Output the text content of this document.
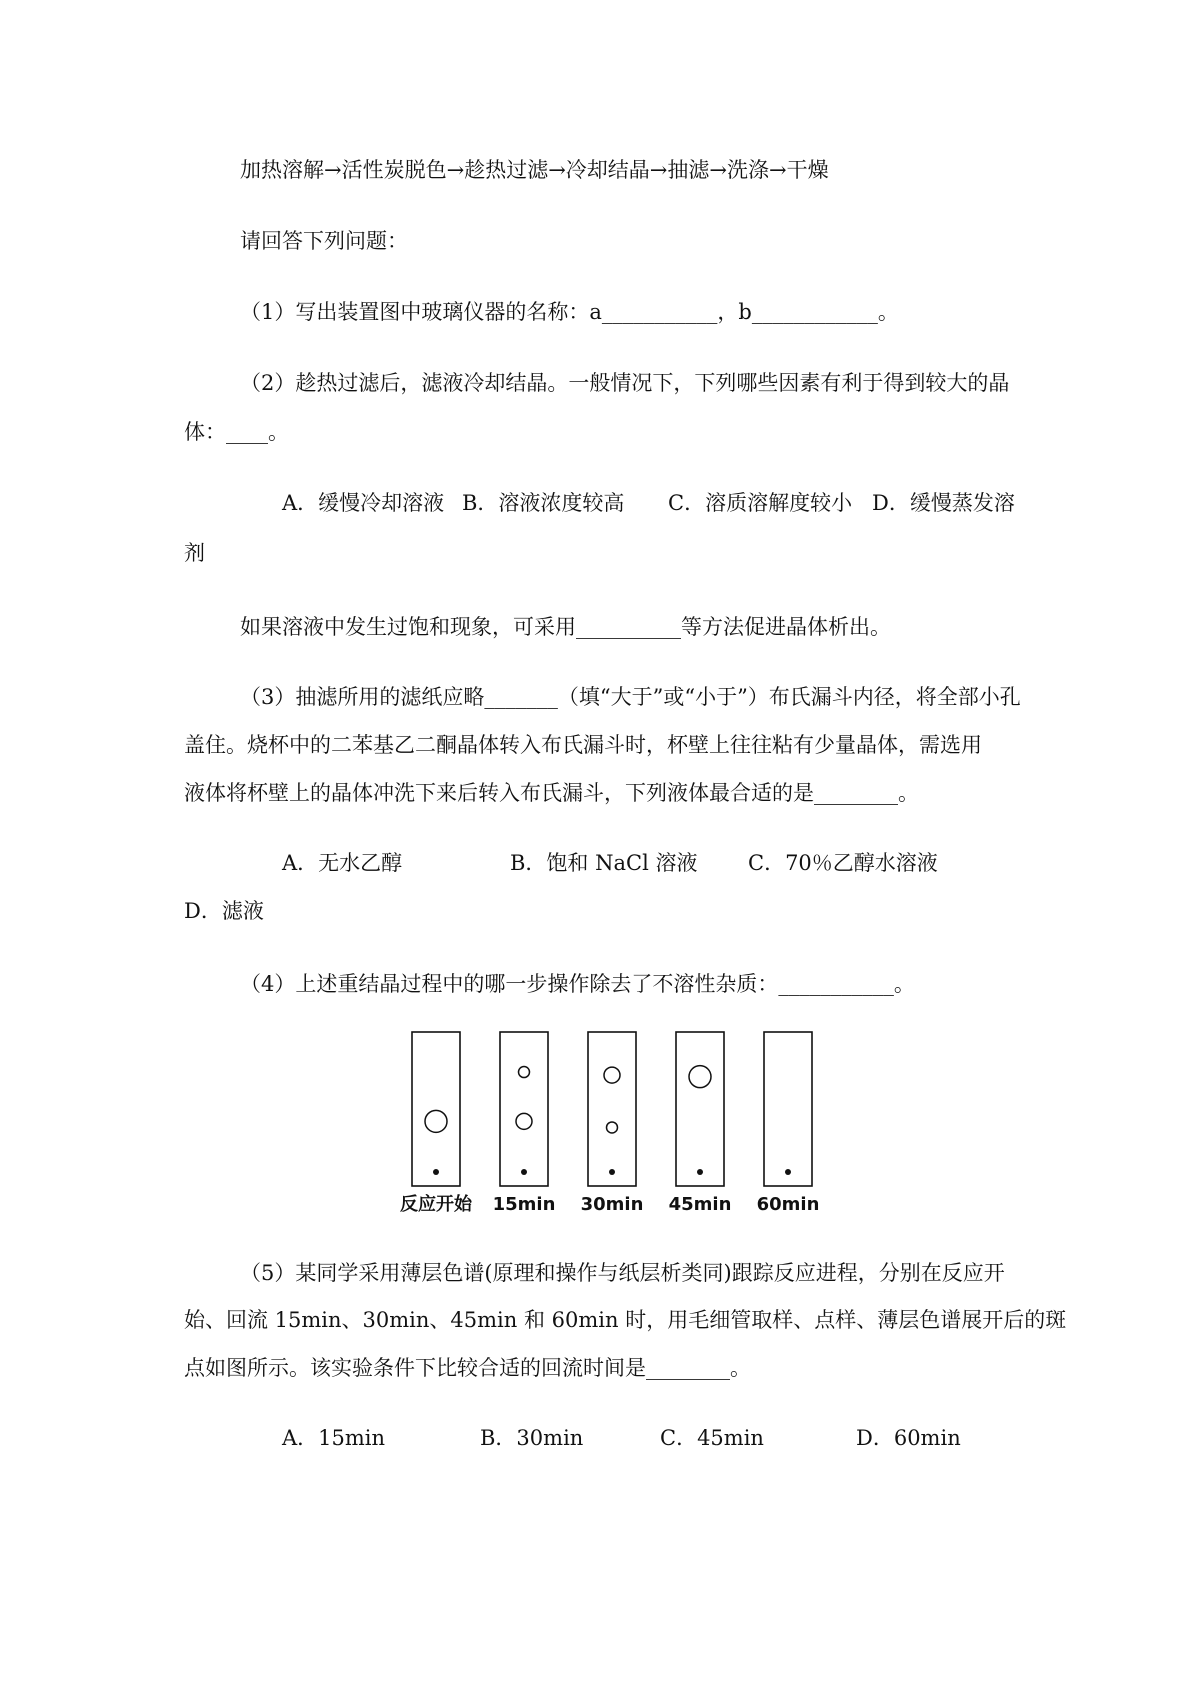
加热溶解→活性炭脱色→趁热过滤→冷却结晶→抽滤→洗涤→干燥
请回答下列问题：
（1）写出装置图中玻璃仪器的名称：a___________，b____________。
（2）趁热过滤后，滤液冷却结晶。一般情况下，下列哪些因素有利于得到较大的晶
体：____。
A．缓慢冷却溶液 B．溶液浓度较高 C．溶质溶解度较小 D．缓慢蒸发溶
剂
如果溶液中发生过饱和现象，可采用__________等方法促进晶体析出。
（3）抽滤所用的滤纸应略_______（填“大于”或“小于”）布氏漏斗内径，将全部小孔
盖住。烧杯中的二苯基乙二酮晶体转入布氏漏斗时，杯壁上往往粘有少量晶体，需选用
液体将杯壁上的晶体冲洗下来后转入布氏漏斗，下列液体最合适的是________。
A．无水乙醇	B．饱和 NaCl 溶液 C．70％乙醇水溶液
D．滤液
（4）上述重结晶过程中的哪一步操作除去了不溶性杂质：___________。
反应开始 15min 30min 45min 60min
（5）某同学采用薄层色谱(原理和操作与纸层析类同)跟踪反应进程，分别在反应开
始、回流 15min、30min、45min 和 60min 时，用毛细管取样、点样、薄层色谱展开后的斑
点如图所示。该实验条件下比较合适的回流时间是________。
A．15min	B．30min	C．45min	D．60min
